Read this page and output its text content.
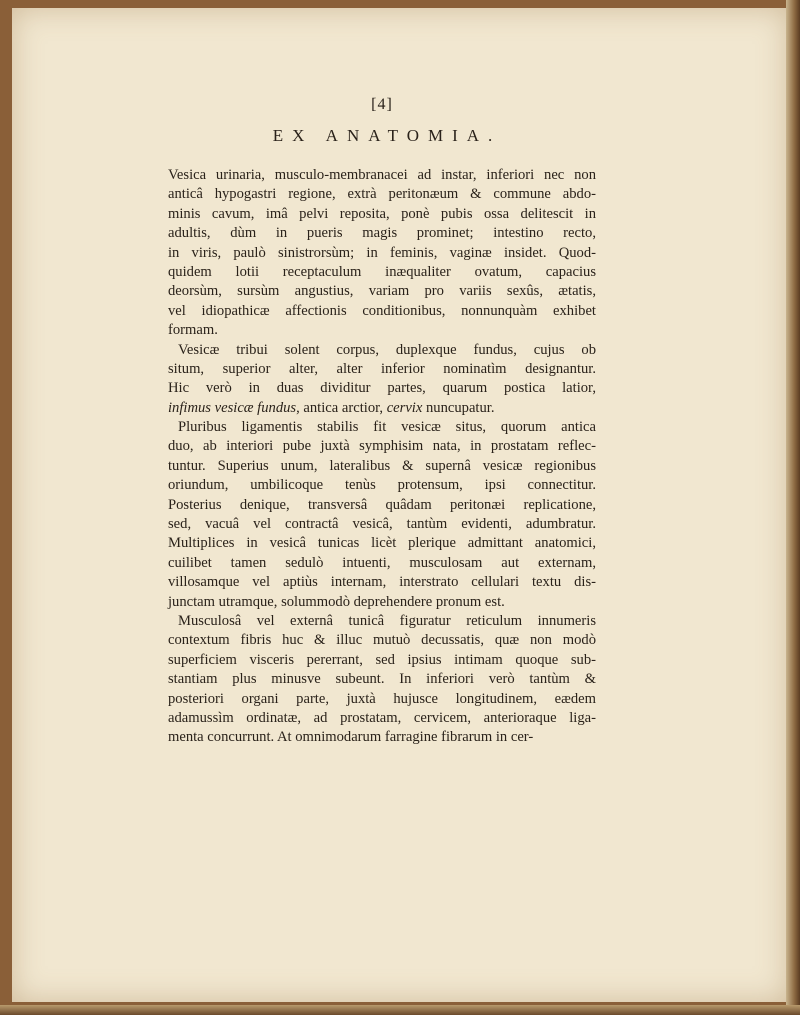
[4]
EX ANATOMIA.
Vesica urinaria, musculo-membranacei ad instar, inferiori nec non
anticâ hypogastri regione, extrà peritonæum & commune abdo-
minis cavum, imâ pelvi reposita, ponè pubis ossa delitescit in
adultis, dùm in pueris magis prominet; intestino recto,
in viris, paulò sinistrorsùm; in feminis, vaginæ insidet. Quod-
quidem lotii receptaculum inæqualiter ovatum, capacius
deorsùm, sursùm angustius, variam pro variis sexûs, ætatis,
vel idiopathicæ affectionis conditionibus, nonnunquàm exhibet
formam.
Vesicæ tribui solent corpus, duplexque fundus, cujus ob
situm, superior alter, alter inferior nominatìm designantur.
Hic verò in duas dividitur partes, quarum postica latior,
infimus vesicæ fundus, antica arctior, cervix nuncupatur.
Pluribus ligamentis stabilis fit vesicæ situs, quorum antica
duo, ab interiori pube juxtà symphisim nata, in prostatam reflec-
tuntur. Superius unum, lateralibus & supernâ vesicæ regionibus
oriundum, umbilicoque tenùs protensum, ipsi connectitur.
Posterius denique, transversâ quâdam peritonæi replicatione,
sed, vacuâ vel contractâ vesicâ, tantùm evidenti, adumbratur.
Multiplices in vesicâ tunicas licèt plerique admittant anatomici,
cuilibet tamen sedulò intuenti, musculosam aut externam,
villosamque vel aptiùs internam, interstrato cellulari textu dis-
junctam utramque, solummodò deprehendere pronum est.
Musculosâ vel externâ tunicâ figuratur reticulum innumeris
contextum fibris huc & illuc mutuò decussatis, quæ non modò
superficiem visceris pererrant, sed ipsius intimam quoque sub-
stantiam plus minusve subeunt. In inferiori verò tantùm &
posteriori organi parte, juxtà hujusce longitudinem, eædem
adamussìm ordinatæ, ad prostatam, cervicem, anterioraque liga-
menta concurrunt. At omnimodarum farragine fibrarum in cer-
